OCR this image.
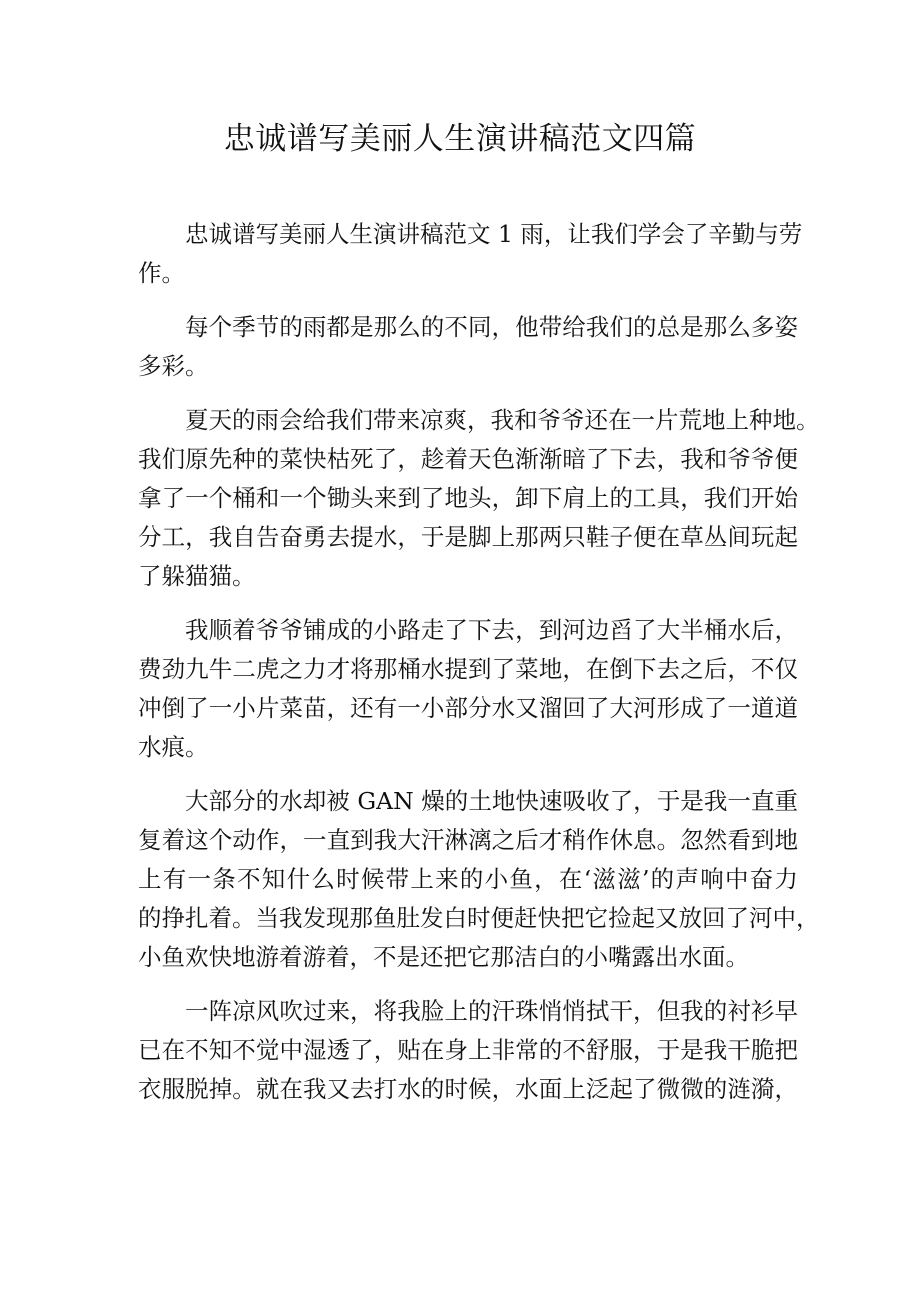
忠诚谱写美丽人生演讲稿范文四篇
忠诚谱写美丽人生演讲稿范文 1 雨，让我们学会了辛勤与劳
作。
每个季节的雨都是那么的不同，他带给我们的总是那么多姿
多彩。
夏天的雨会给我们带来凉爽，我和爷爷还在一片荒地上种地。
我们原先种的菜快枯死了，趁着天色渐渐暗了下去，我和爷爷便
拿了一个桶和一个锄头来到了地头，卸下肩上的工具，我们开始
分工，我自告奋勇去提水，于是脚上那两只鞋子便在草丛间玩起
了躲猫猫。
我顺着爷爷铺成的小路走了下去，到河边舀了大半桶水后，
费劲九牛二虎之力才将那桶水提到了菜地，在倒下去之后，不仅
冲倒了一小片菜苗，还有一小部分水又溜回了大河形成了一道道
水痕。
大部分的水却被 GAN 燥的土地快速吸收了，于是我一直重
复着这个动作，一直到我大汗淋漓之后才稍作休息。忽然看到地
上有一条不知什么时候带上来的小鱼，在‘滋滋’的声响中奋力
的挣扎着。当我发现那鱼肚发白时便赶快把它捡起又放回了河中，
小鱼欢快地游着游着，不是还把它那洁白的小嘴露出水面。
一阵凉风吹过来，将我脸上的汗珠悄悄拭干，但我的衬衫早
已在不知不觉中湿透了，贴在身上非常的不舒服，于是我干脆把
衣服脱掉。就在我又去打水的时候，水面上泛起了微微的涟漪，
